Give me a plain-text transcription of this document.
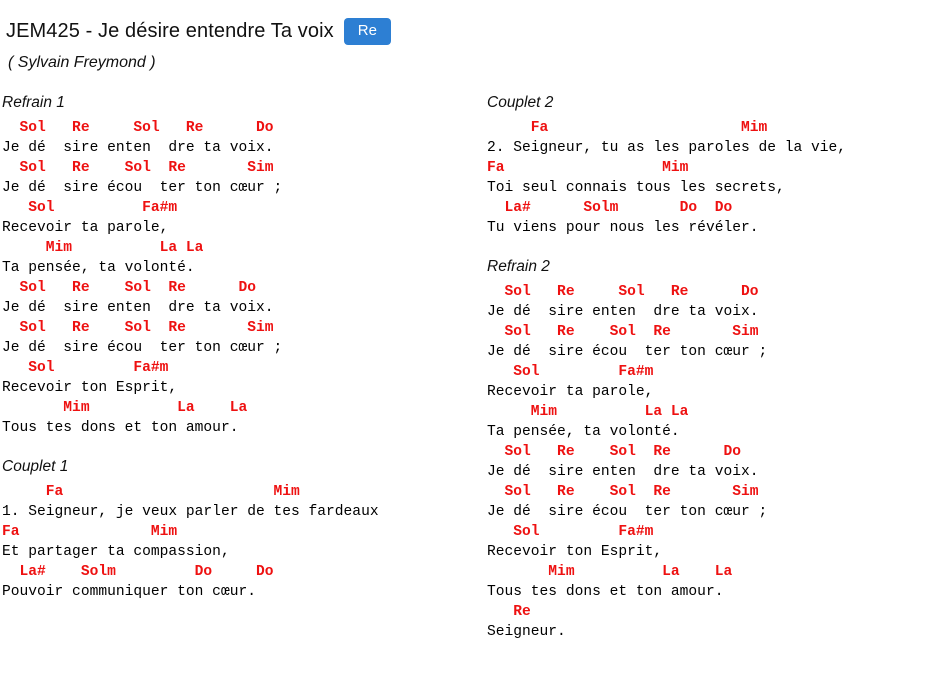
JEM425 - Je désire entendre Ta voix	Re
( Sylvain Freymond )
Refrain 1
Sol   Re     Sol   Re      Do
Je dé  sire enten  dre ta voix.
Sol   Re    Sol  Re       Sim
Je dé  sire écou  ter ton cœur ;
Sol          Fa#m
Recevoir ta parole,
Mim          La La
Ta pensée, ta volonté.
Sol   Re    Sol  Re      Do
Je dé  sire enten  dre ta voix.
Sol   Re    Sol  Re       Sim
Je dé  sire écou  ter ton cœur ;
Sol         Fa#m
Recevoir ton Esprit,
Mim          La    La
Tous tes dons et ton amour.
Couplet 1
Fa                        Mim
1. Seigneur, je veux parler de tes fardeaux
Fa               Mim
Et partager ta compassion,
La#    Solm         Do     Do
Pouvoir communiquer ton cœur.
Couplet 2
Fa                      Mim
2. Seigneur, tu as les paroles de la vie,
Fa                  Mim
Toi seul connais tous les secrets,
La#      Solm       Do  Do
Tu viens pour nous les révéler.
Refrain 2
Sol   Re     Sol   Re      Do
Je dé  sire enten  dre ta voix.
Sol   Re    Sol  Re       Sim
Je dé  sire écou  ter ton cœur ;
Sol         Fa#m
Recevoir ta parole,
Mim          La La
Ta pensée, ta volonté.
Sol   Re    Sol  Re      Do
Je dé  sire enten  dre ta voix.
Sol   Re    Sol  Re       Sim
Je dé  sire écou  ter ton cœur ;
Sol         Fa#m
Recevoir ton Esprit,
Mim          La    La
Tous tes dons et ton amour.
Re
Seigneur.
